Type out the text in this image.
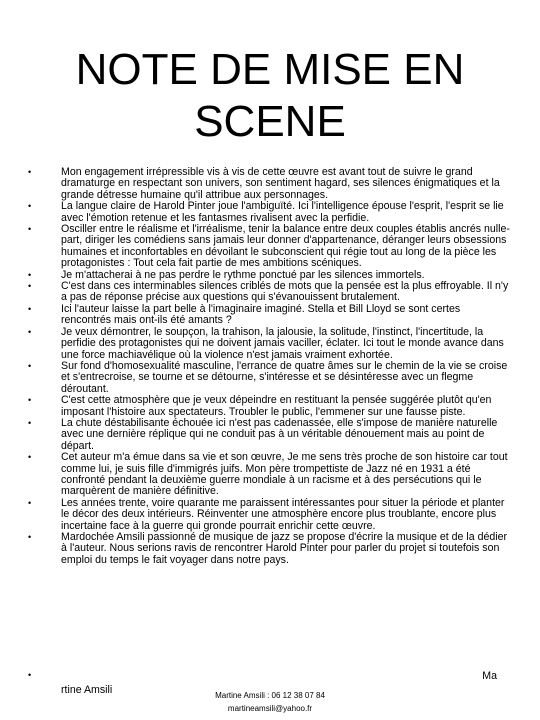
NOTE DE MISE EN
SCENE
•	Mon engagement irrépressible vis à vis de cette œuvre est avant tout de suivre le grand dramaturge en respectant son univers, son sentiment hagard, ses silences énigmatiques et la grande détresse humaine qu'il attribue aux personnages.
•	La langue claire de Harold Pinter joue l'ambiguïté. Ici l'intelligence épouse l'esprit, l'esprit se lie avec l'émotion retenue et les fantasmes rivalisent avec la perfidie.
•	Osciller entre le réalisme et l'irréalisme, tenir la balance entre deux couples établis ancrés nulle-part, diriger les comédiens sans jamais leur donner d'appartenance, déranger leurs obsessions humaines et inconfortables en dévoilant le subconscient qui régie tout au long de la pièce les protagonistes : Tout cela fait partie de mes ambitions scéniques.
•	Je m'attacherai à ne pas perdre le rythme ponctué par les silences immortels.
•	C'est dans ces interminables silences criblés de mots que la pensée est la plus effroyable. Il n'y a pas de réponse précise aux questions qui s'évanouissent brutalement.
•	Ici l'auteur laisse la part belle à l'imaginaire imaginé. Stella et Bill Lloyd se sont certes rencontrés mais ont-ils été amants ?
•	Je veux démontrer, le soupçon, la trahison, la jalousie, la solitude, l'instinct, l'incertitude, la perfidie des protagonistes qui ne doivent jamais vaciller, éclater. Ici tout le monde avance dans une force machiavélique où la violence n'est jamais vraiment exhortée.
•	Sur fond d'homosexualité masculine, l'errance de quatre âmes sur le chemin de la vie se croise et s'entrecroise, se tourne et se détourne, s'intéresse et se désintéresse avec un flegme déroutant.
•	C'est cette atmosphère que je veux dépeindre en restituant la pensée suggérée plutôt qu'en imposant l'histoire aux spectateurs. Troubler le public, l'emmener sur une fausse piste.
•	La chute déstabilisante échouée ici n'est pas cadenassée, elle s'impose de manière naturelle avec une dernière réplique qui ne conduit pas à un véritable dénouement mais au point de départ.
•	Cet auteur m'a émue dans sa vie et son œuvre, Je me sens très proche de son histoire car tout comme lui, je suis fille d'immigrés juifs. Mon père trompettiste de Jazz né en 1931 a été confronté pendant la deuxième guerre mondiale à un racisme et à des persécutions qui le marquèrent de manière définitive.
•	Les années trente, voire quarante me paraissent intéressantes pour situer la période et planter le décor des deux intérieurs. Réinventer une atmosphère encore plus troublante, encore plus incertaine face à la guerre qui gronde pourrait enrichir cette œuvre.
•	Mardochée Amsili passionné de musique de jazz se propose d'écrire la musique et de la dédier à l'auteur. Nous serions ravis de rencontrer Harold Pinter pour parler du projet si toutefois son emploi du temps le fait voyager dans notre pays.
•	Ma
rtine Amsili	Martine Amsili : 06 12 38 07 84
martineamsili@yahoo.fr
